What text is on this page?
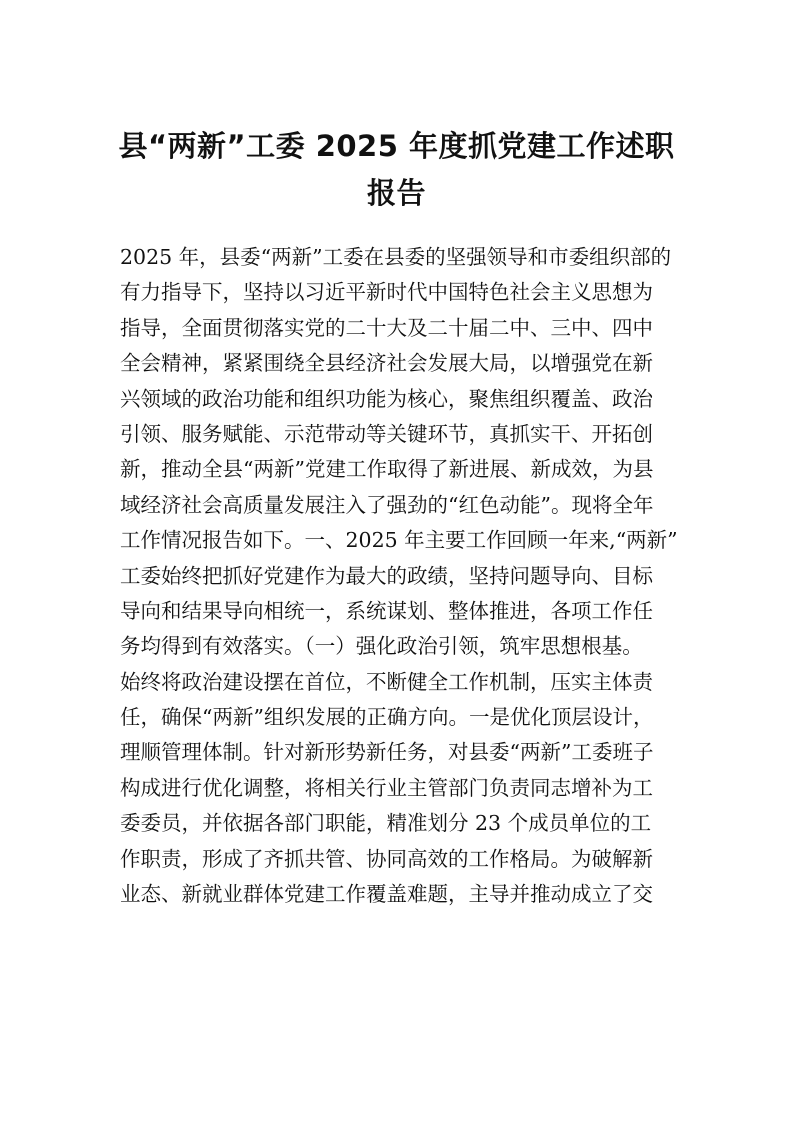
县“两新”工委 2025 年度抓党建工作述职
报告
2025 年，县委“两新”工委在县委的坚强领导和市委组织部的
有力指导下，坚持以习近平新时代中国特色社会主义思想为
指导，全面贯彻落实党的二十大及二十届二中、三中、四中
全会精神，紧紧围绕全县经济社会发展大局，以增强党在新
兴领域的政治功能和组织功能为核心，聚焦组织覆盖、政治
引领、服务赋能、示范带动等关键环节，真抓实干、开拓创
新，推动全县“两新”党建工作取得了新进展、新成效，为县
域经济社会高质量发展注入了强劲的“红色动能”。现将全年
工作情况报告如下。一、2025 年主要工作回顾一年来,“两新”
工委始终把抓好党建作为最大的政绩，坚持问题导向、目标
导向和结果导向相统一，系统谋划、整体推进，各项工作任
务均得到有效落实。（一）强化政治引领，筑牢思想根基。
始终将政治建设摆在首位，不断健全工作机制，压实主体责
任，确保“两新”组织发展的正确方向。一是优化顶层设计，
理顺管理体制。针对新形势新任务，对县委“两新”工委班子
构成进行优化调整，将相关行业主管部门负责同志增补为工
委委员，并依据各部门职能，精准划分 23 个成员单位的工
作职责，形成了齐抓共管、协同高效的工作格局。为破解新
业态、新就业群体党建工作覆盖难题，主导并推动成立了交
